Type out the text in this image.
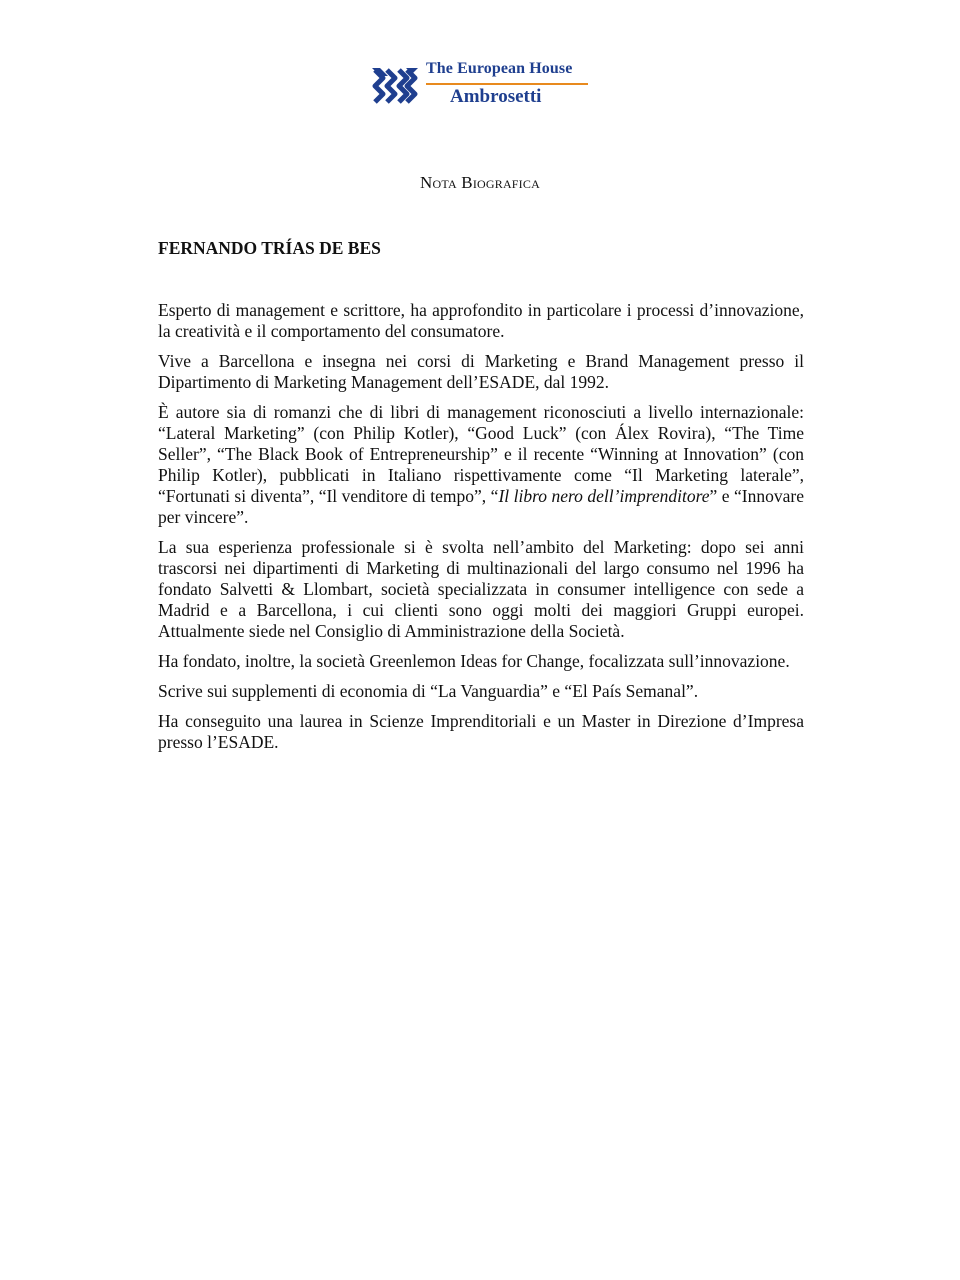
The European House
Ambrosetti
Nota Biografica
FERNANDO TRÍAS DE BES

Esperto di management e scrittore, ha approfondito in particolare i processi d’innovazione, la creatività e il comportamento del consumatore.

Vive a Barcellona e insegna nei corsi di Marketing e Brand Management presso il Dipartimento di Marketing Management dell’ESADE, dal 1992.

È autore sia di romanzi che di libri di management riconosciuti a livello internazionale: “Lateral Marketing” (con Philip Kotler), “Good Luck” (con Álex Rovira), “The Time Seller”, “The Black Book of Entrepreneurship” e il recente “Winning at Innovation” (con Philip Kotler), pubblicati in Italiano rispettivamente come “Il Marketing laterale”, “Fortunati si diventa”, “Il venditore di tempo”, “Il libro nero dell’imprenditore” e “Innovare per vincere”.

La sua esperienza professionale si è svolta nell’ambito del Marketing: dopo sei anni trascorsi nei dipartimenti di Marketing di multinazionali del largo consumo nel 1996 ha fondato Salvetti & Llombart, società specializzata in consumer intelligence con sede a Madrid e a Barcellona, i cui clienti sono oggi molti dei maggiori Gruppi europei. Attualmente siede nel Consiglio di Amministrazione della Società.

Ha fondato, inoltre, la società Greenlemon Ideas for Change, focalizzata sull’innovazione.

Scrive sui supplementi di economia di “La Vanguardia” e “El País Semanal”.

Ha conseguito una laurea in Scienze Imprenditoriali e un Master in Direzione d’Impresa presso l’ESADE.
